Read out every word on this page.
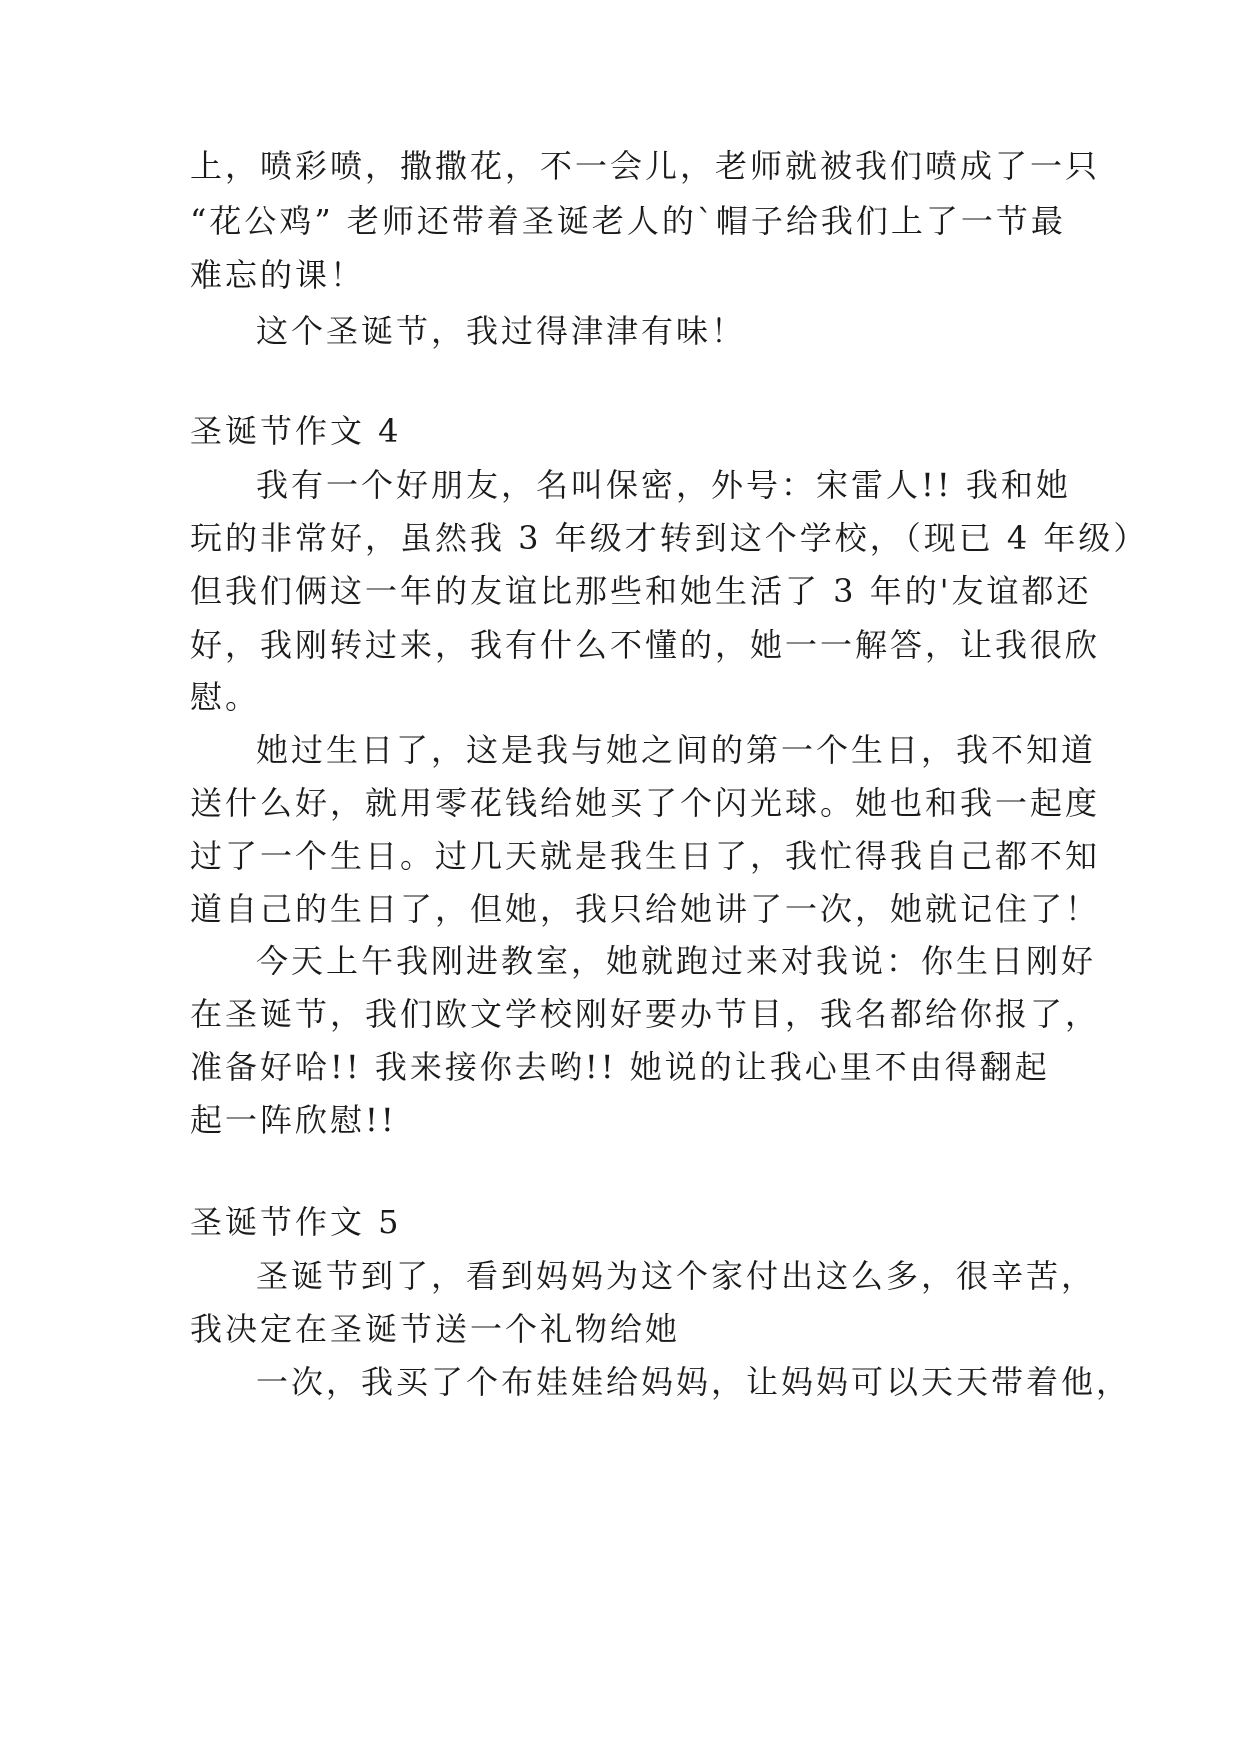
上，喷彩喷，撒撒花，不一会儿，老师就被我们喷成了一只
“花公鸡” 老师还带着圣诞老人的`帽子给我们上了一节最
难忘的课！
这个圣诞节，我过得津津有味！
圣诞节作文 4
我有一个好朋友，名叫保密，外号：宋雷人!! 我和她
玩的非常好，虽然我 3 年级才转到这个学校，（现已 4 年级）
但我们俩这一年的友谊比那些和她生活了 3 年的'友谊都还
好，我刚转过来，我有什么不懂的，她一一解答，让我很欣
慰。
她过生日了，这是我与她之间的第一个生日，我不知道
送什么好，就用零花钱给她买了个闪光球。她也和我一起度
过了一个生日。过几天就是我生日了，我忙得我自己都不知
道自己的生日了，但她，我只给她讲了一次，她就记住了！
今天上午我刚进教室，她就跑过来对我说：你生日刚好
在圣诞节，我们欧文学校刚好要办节目，我名都给你报了，
准备好哈!! 我来接你去哟!! 她说的让我心里不由得翻起
起一阵欣慰!!
圣诞节作文 5
圣诞节到了，看到妈妈为这个家付出这么多，很辛苦，
我决定在圣诞节送一个礼物给她
一次，我买了个布娃娃给妈妈，让妈妈可以天天带着他，
